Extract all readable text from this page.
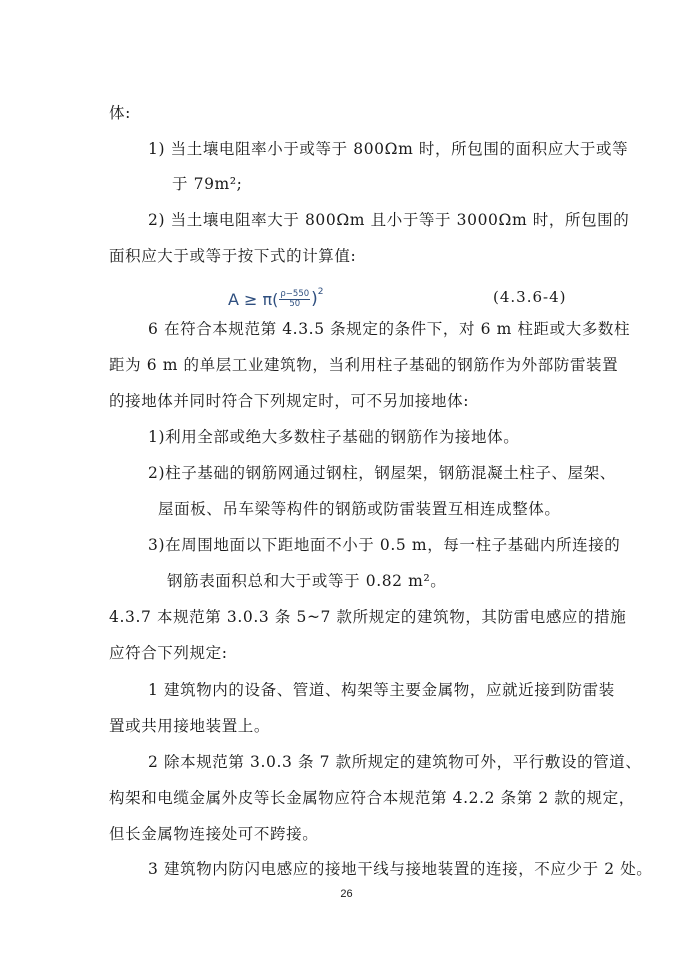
体:
1) 当土壤电阻率小于或等于 800Ωm 时，所包围的面积应大于或等
于 79m²;
2) 当土壤电阻率大于 800Ωm 且小于等于 3000Ωm 时，所包围的
面积应大于或等于按下式的计算值:
$A \ge \pi( \frac{\rho-550}{50}$ ) 2	(4.3.6-4)
6 在符合本规范第 4.3.5 条规定的条件下，对 6 m 柱距或大多数柱
距为 6 m 的单层工业建筑物，当利用柱子基础的钢筋作为外部防雷装置
的接地体并同时符合下列规定时，可不另加接地体:
1)利用全部或绝大多数柱子基础的钢筋作为接地体。
2)柱子基础的钢筋网通过钢柱，钢屋架，钢筋混凝土柱子、屋架、
屋面板、吊车梁等构件的钢筋或防雷装置互相连成整体。
3)在周围地面以下距地面不小于 0.5 m，每一柱子基础内所连接的
钢筋表面积总和大于或等于 0.82 m²。
4.3.7 本规范第 3.0.3 条 5~7 款所规定的建筑物，其防雷电感应的措施
应符合下列规定:
1 建筑物内的设备、管道、构架等主要金属物，应就近接到防雷装
置或共用接地装置上。
2 除本规范第 3.0.3 条 7 款所规定的建筑物可外，平行敷设的管道、
构架和电缆金属外皮等长金属物应符合本规范第 4.2.2 条第 2 款的规定，
但长金属物连接处可不跨接。
3 建筑物内防闪电感应的接地干线与接地装置的连接，不应少于 2 处。
26
